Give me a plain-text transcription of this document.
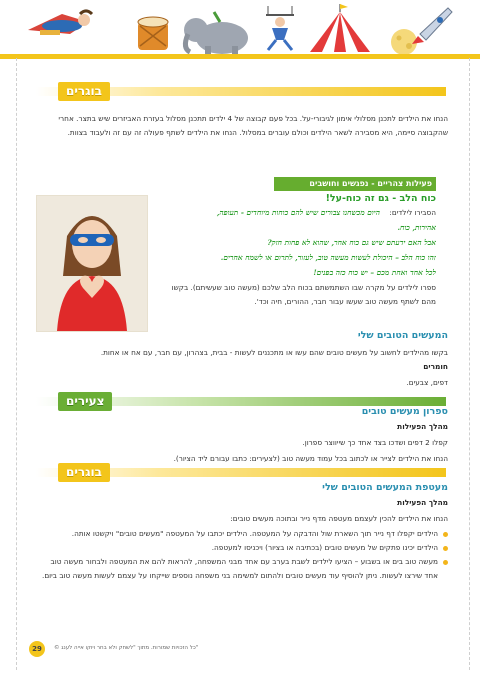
בוגרים
הנחו את הילדים לתכנן מסלולי אימון לגיבורי-על. בכל פעם קבוצה של 4 ילדים תתכנן מסלול בעזרת האביזרים שיש בתצר. אחרי שהקבוצה סיימה, היא מסבירה לשאר הילדים וכולם עוברים במסלול. הנחו את הילדים לשתף פעולה זה עם זה ולעבוד בצוות.
פעילות צהריים - נפגשים וחושבים
כוח הלב - גם זה כוח-על!
הסבירו לילדים:
היום מכשחנו צבורים שיש להם כוחות מיוחדים - תעופה,
אהירות, כוח.
אבל האם ידעתם שיש גם כוח אחר, שהוא לא פחות חזק?
זהו כוח הלב – היכולת לעשות מעשה טוב, לעזור, לתרום או לשמח אחרים.
לכל אחד ואחת מכם – יש כוח כזה בפנים!
ספרו לילדים על מקרה שבו השתמשתם בכוח הלב שלכם (מעשה טוב שעשיתם). בקשו מהם לשתף מעשה טוב שעשו עבור חבר, ההורים, חיה וכד'.
המעשים הטובים שלי
בקשו מהילדים לחשוב על מעשים טובים שהם עשו או מתכננים לעשות - בבית, בצהרון, עם חבר, עם אח או אחות.
חומרים
דפים, צבעים.
צעירים
ספרון מעשים טובים
מהלך הפעילות
קפלו 2 דפים ושדכו בצד אחד כך שייווצר ספרון.
הנחו את הילדים לצייר או לכתוב בכל עמוד מעשה טוב (לצעירים: כתבו עבורם ליד הציור).
בוגרים
מעטפת המעשים הטובים שלי
מהלך הפעילות
הנחו את הילדים להכין לעצמם מעטפה מדף נייר ובתוכה מעשים טובים:
הילדים יקפלו דף נייר תוך השארת שול והדבקה על המעטפה. הילדים יכתבו על המעטפה "מעשים טובים" ויקשטו אותה.
הילדים יכינו פתקים של מעשים טובים (בכתיבה או בציור) ויכניסו למעטפה.
מעשה טוב בים או בשבוע – הציעו לילדים לשבת בערב עם אחד מבני המשפחה, להראות להם את המעטפה ולבחור מעשה טוב אחד שירצו לעשות. ניתן להוסיף עוד מעשים טובים ולהתום למשימה בני משפחה נוספים שייקחו על עצמם לעשות מעשה טוב ביום.
29	© כל הזכויות שמורות. מתוך "לשחק ולא בחר ויוקו אייה לענג"
